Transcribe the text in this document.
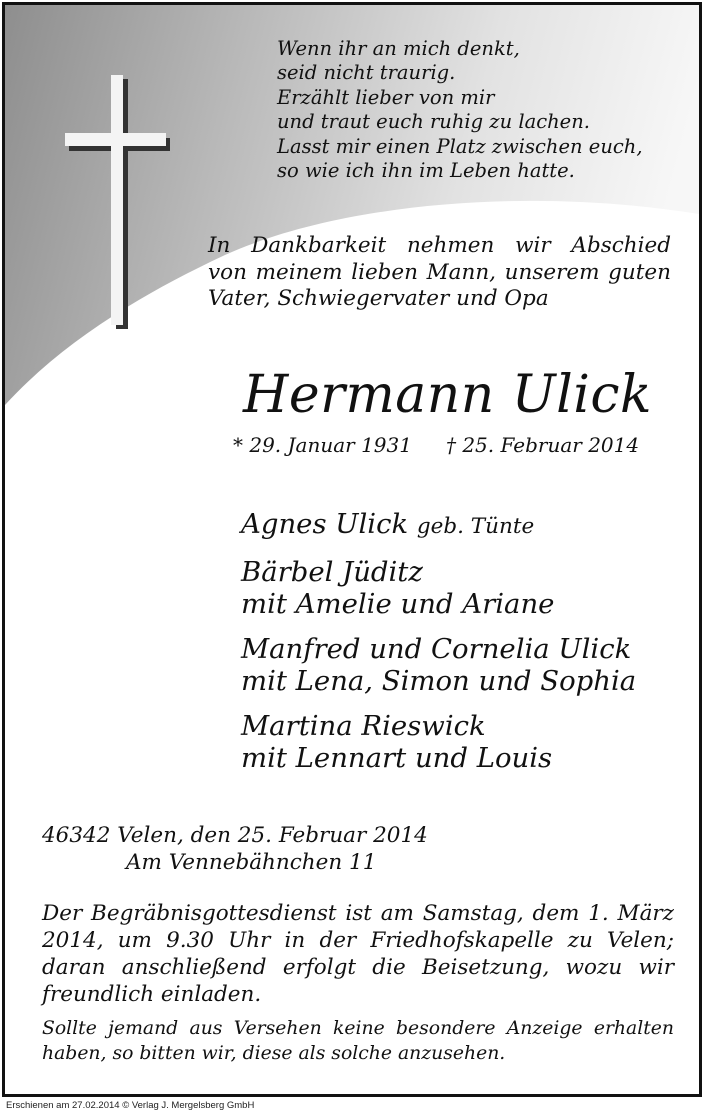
Wenn ihr an mich denkt,
seid nicht traurig.
Erzählt lieber von mir
und traut euch ruhig zu lachen.
Lasst mir einen Platz zwischen euch,
so wie ich ihn im Leben hatte.
In Dankbarkeit nehmen wir Abschied
von meinem lieben Mann, unserem guten
Vater, Schwiegervater und Opa
Hermann Ulick
* 29. Januar 1931 † 25. Februar 2014
Agnes Ulick geb. Tünte
Bärbel Jüditz
mit Amelie und Ariane
Manfred und Cornelia Ulick
mit Lena, Simon und Sophia
Martina Rieswick
mit Lennart und Louis
46342 Velen, den 25. Februar 2014
Am Vennebähnchen 11
Der Begräbnisgottesdienst ist am Samstag, dem 1. März
2014, um 9.30 Uhr in der Friedhofskapelle zu Velen;
daran anschließend erfolgt die Beisetzung, wozu wir
freundlich einladen.
Sollte jemand aus Versehen keine besondere Anzeige erhalten
haben, so bitten wir, diese als solche anzusehen.
Erschienen am 27.02.2014 © Verlag J. Mergelsberg GmbH
